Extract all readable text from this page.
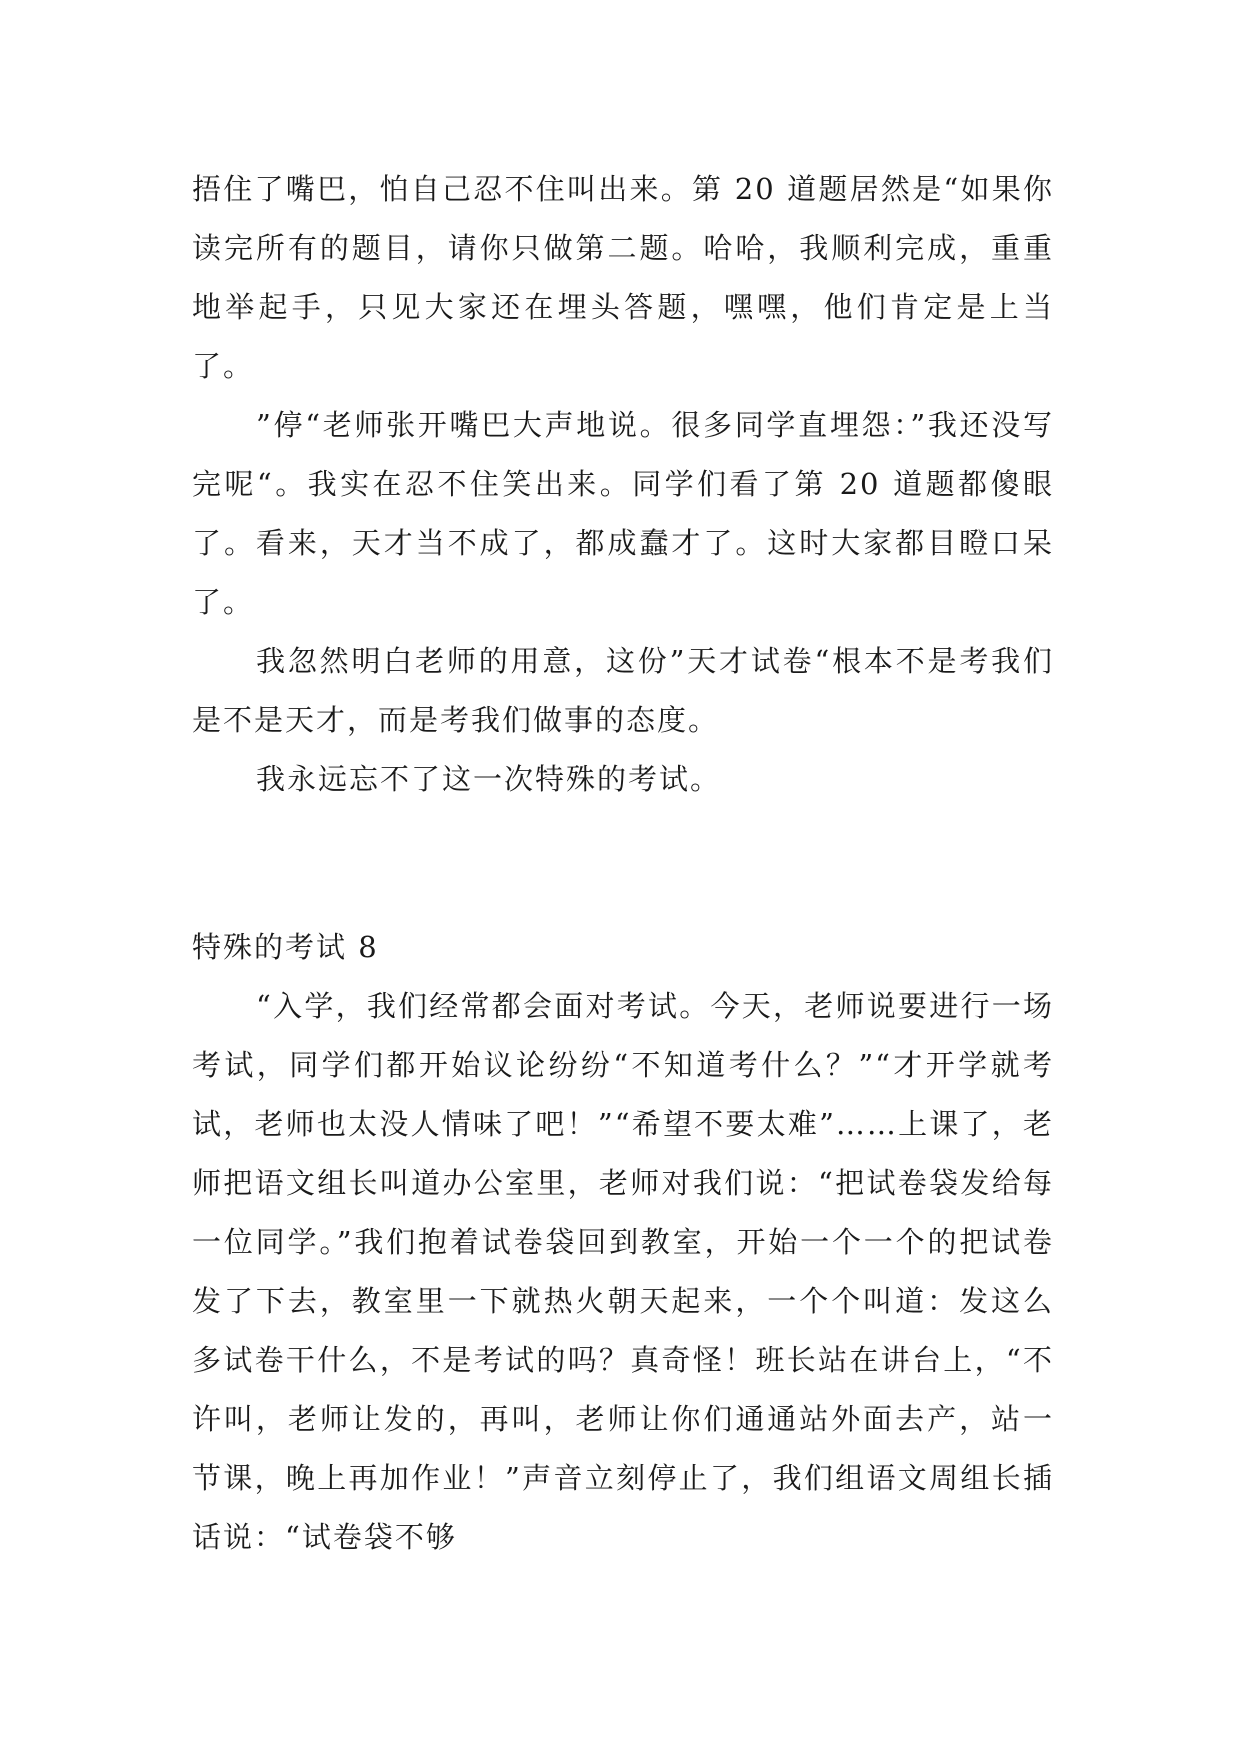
捂住了嘴巴，怕自己忍不住叫出来。第 20 道题居然是“如果你读完所有的题目，请你只做第二题。哈哈，我顺利完成，重重地举起手，只见大家还在埋头答题，嘿嘿，他们肯定是上当了。

”停“老师张开嘴巴大声地说。很多同学直埋怨：”我还没写完呢“。我实在忍不住笑出来。同学们看了第 20 道题都傻眼了。看来，天才当不成了，都成蠢才了。这时大家都目瞪口呆了。

我忽然明白老师的用意，这份”天才试卷“根本不是考我们是不是天才，而是考我们做事的态度。

我永远忘不了这一次特殊的考试。

特殊的考试 8

“入学，我们经常都会面对考试。今天，老师说要进行一场考试，同学们都开始议论纷纷“不知道考什么？”“才开学就考试，老师也太没人情味了吧！”“希望不要太难”……上课了，老师把语文组长叫道办公室里，老师对我们说：“把试卷袋发给每一位同学。”我们抱着试卷袋回到教室，开始一个一个的把试卷发了下去，教室里一下就热火朝天起来，一个个叫道：发这么多试卷干什么，不是考试的吗？真奇怪！班长站在讲台上，“不许叫，老师让发的，再叫，老师让你们通通站外面去产，站一节课，晚上再加作业！”声音立刻停止了，我们组语文周组长插话说：“试卷袋不够
